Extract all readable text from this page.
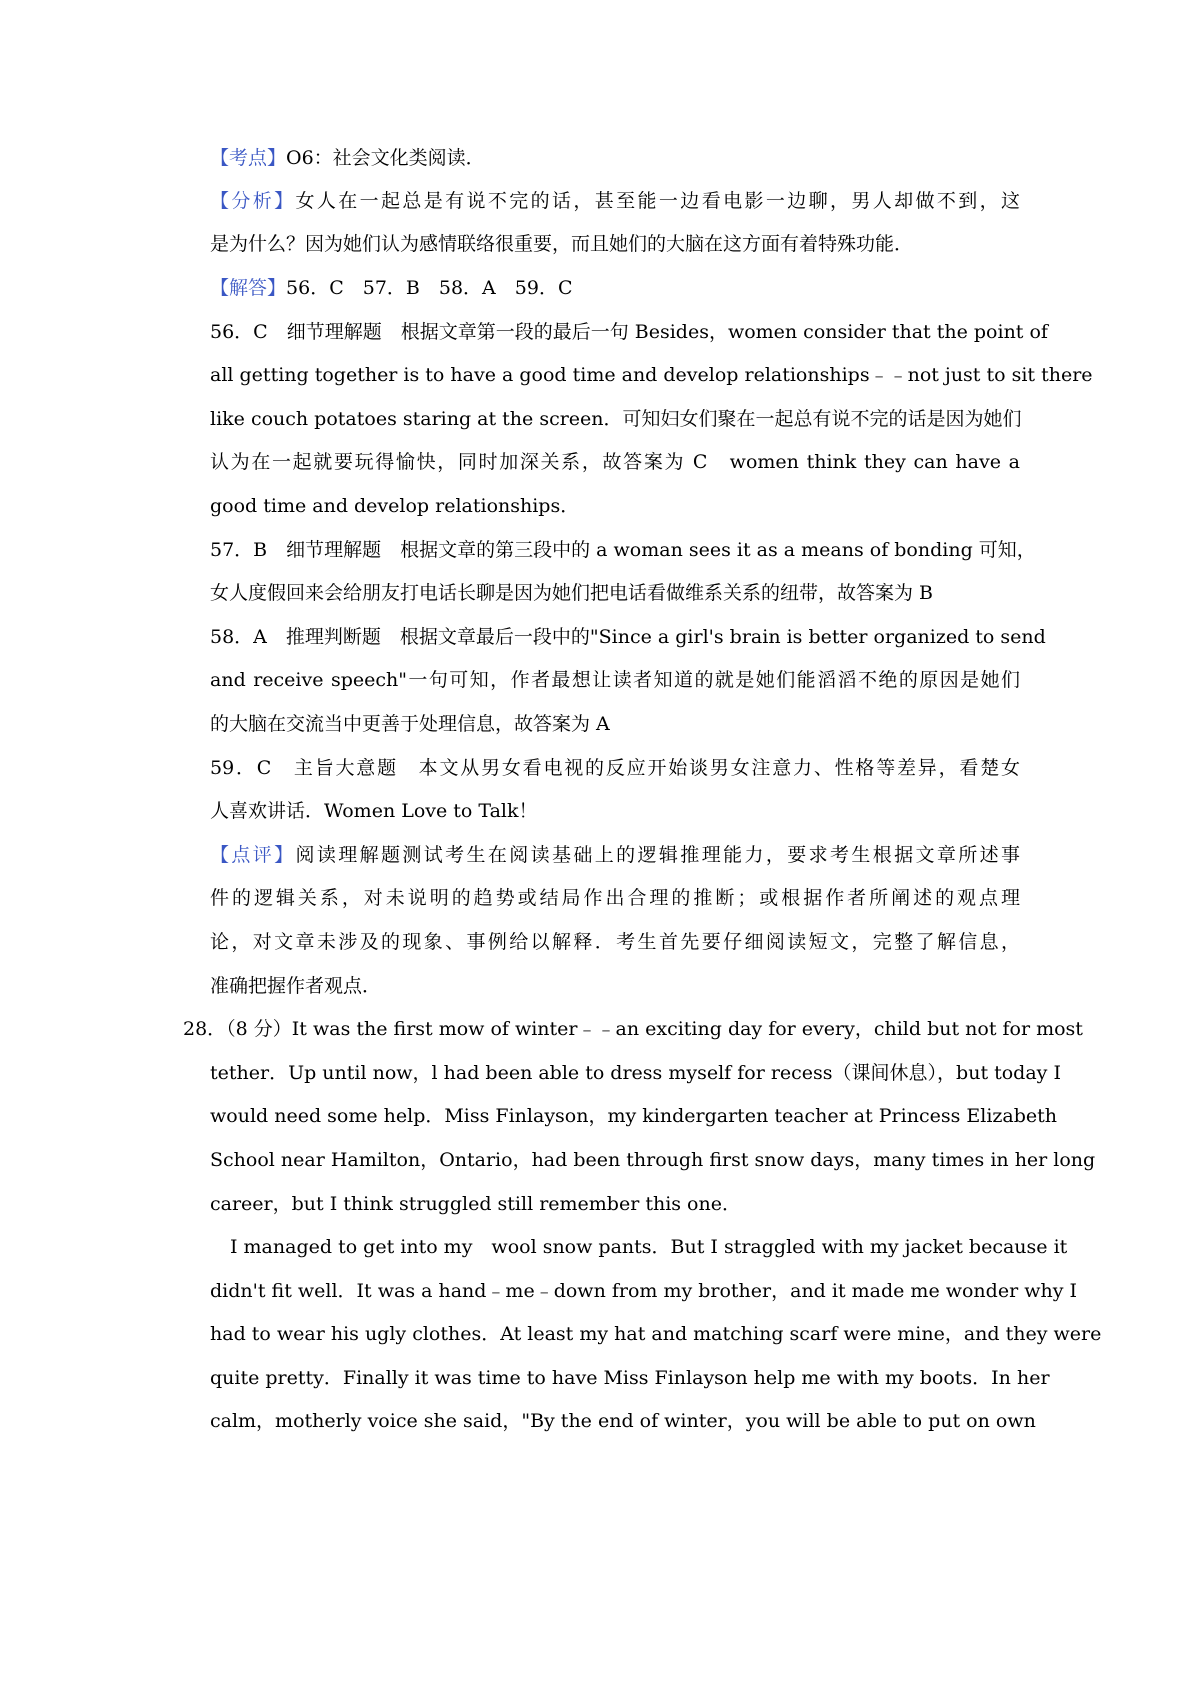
【考点】O6：社会文化类阅读．
【分析】女人在一起总是有说不完的话，甚至能一边看电影一边聊，男人却做不到，这
是为什么？因为她们认为感情联络很重要，而且她们的大脑在这方面有着特殊功能．
【解答】56．C　57．B　58．A　59．C
56．C　细节理解题　根据文章第一段的最后一句 Besides，women consider that the point of
all getting together is to have a good time and develop relationships﹣﹣not just to sit there
like couch potatoes staring at the screen．可知妇女们聚在一起总有说不完的话是因为她们
认为在一起就要玩得愉快，同时加深关系，故答案为 C　women think they can have a
good time and develop relationships．
57．B　细节理解题　根据文章的第三段中的 a woman sees it as a means of bonding 可知，
女人度假回来会给朋友打电话长聊是因为她们把电话看做维系关系的纽带，故答案为 B
58．A　推理判断题　根据文章最后一段中的"Since a girl's brain is better organized to send
and receive speech"一句可知，作者最想让读者知道的就是她们能滔滔不绝的原因是她们
的大脑在交流当中更善于处理信息，故答案为 A
59．C　主旨大意题　本文从男女看电视的反应开始谈男女注意力、性格等差异，看楚女
人喜欢讲话．Women Love to Talk！
【点评】阅读理解题测试考生在阅读基础上的逻辑推理能力，要求考生根据文章所述事
件的逻辑关系，对未说明的趋势或结局作出合理的推断；或根据作者所阐述的观点理
论，对文章未涉及的现象、事例给以解释．考生首先要仔细阅读短文，完整了解信息，
准确把握作者观点．
28．（8 分）It was the first mow of winter﹣﹣an exciting day for every，child but not for most
tether．Up until now，l had been able to dress myself for recess（课间休息），but today I
would need some help．Miss Finlayson，my kindergarten teacher at Princess Elizabeth
School near Hamilton，Ontario，had been through first snow days，many times in her long
career，but I think struggled still remember this one．
I managed to get into my　wool snow pants．But I straggled with my jacket because it
didn't fit well．It was a hand﹣me﹣down from my brother，and it made me wonder why I
had to wear his ugly clothes．At least my hat and matching scarf were mine，and they were
quite pretty．Finally it was time to have Miss Finlayson help me with my boots．In her
calm，motherly voice she said，"By the end of winter，you will be able to put on own
